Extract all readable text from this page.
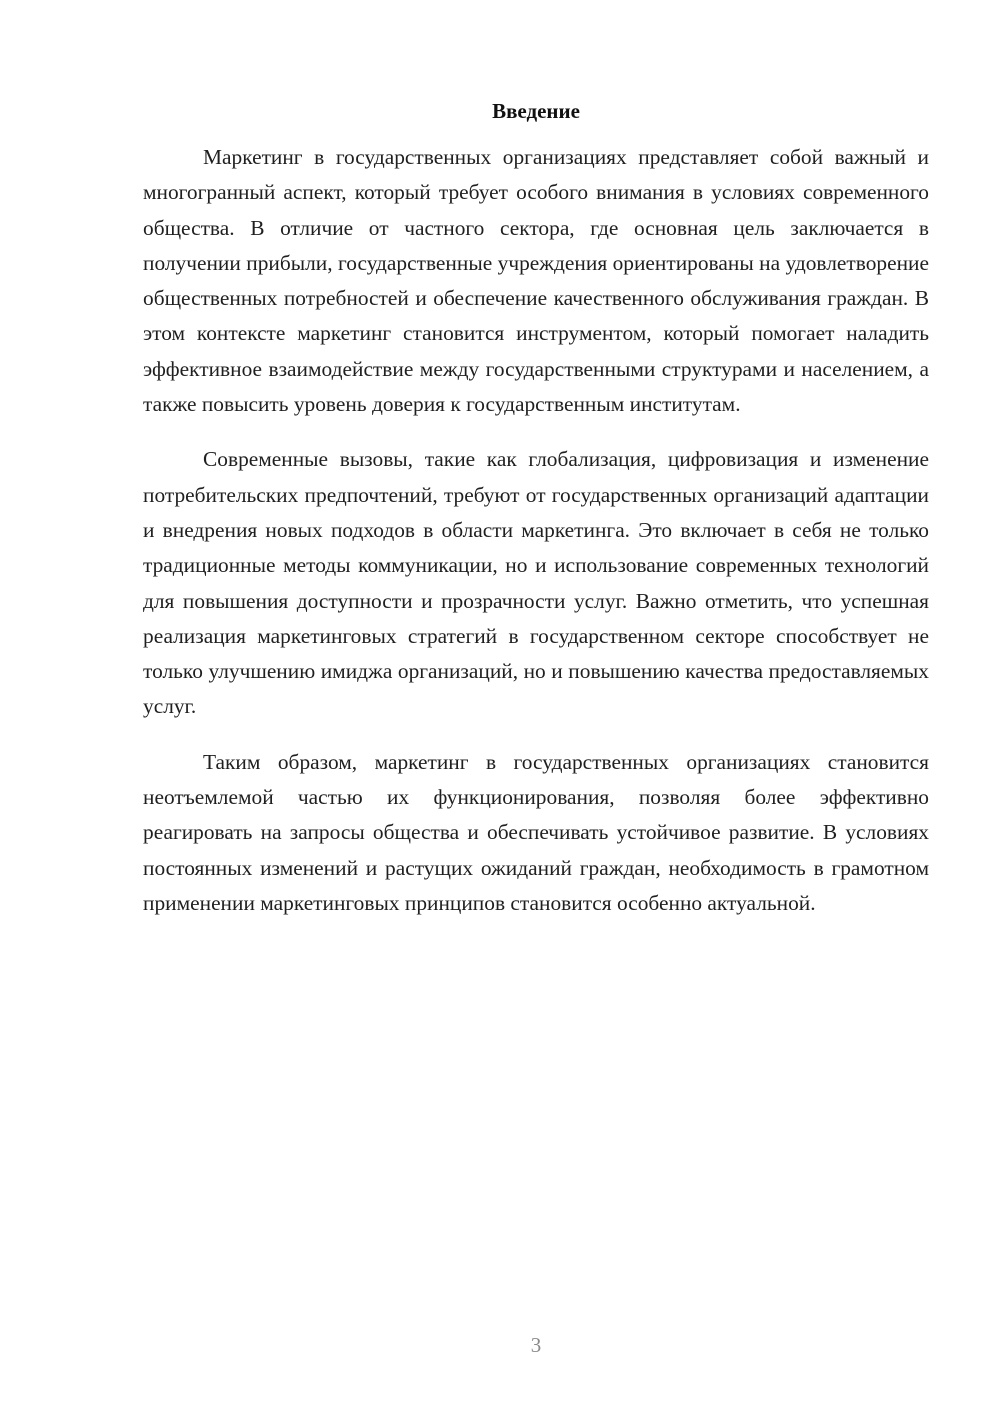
Введение

Маркетинг в государственных организациях представляет собой важный и многогранный аспект, который требует особого внимания в условиях современного общества. В отличие от частного сектора, где основная цель заключается в получении прибыли, государственные учреждения ориентированы на удовлетворение общественных потребностей и обеспечение качественного обслуживания граждан. В этом контексте маркетинг становится инструментом, который помогает наладить эффективное взаимодействие между государственными структурами и населением, а также повысить уровень доверия к государственным институтам.

Современные вызовы, такие как глобализация, цифровизация и изменение потребительских предпочтений, требуют от государственных организаций адаптации и внедрения новых подходов в области маркетинга. Это включает в себя не только традиционные методы коммуникации, но и использование современных технологий для повышения доступности и прозрачности услуг. Важно отметить, что успешная реализация маркетинговых стратегий в государственном секторе способствует не только улучшению имиджа организаций, но и повышению качества предоставляемых услуг.

Таким образом, маркетинг в государственных организациях становится неотъемлемой частью их функционирования, позволяя более эффективно реагировать на запросы общества и обеспечивать устойчивое развитие. В условиях постоянных изменений и растущих ожиданий граждан, необходимость в грамотном применении маркетинговых принципов становится особенно актуальной.

3
